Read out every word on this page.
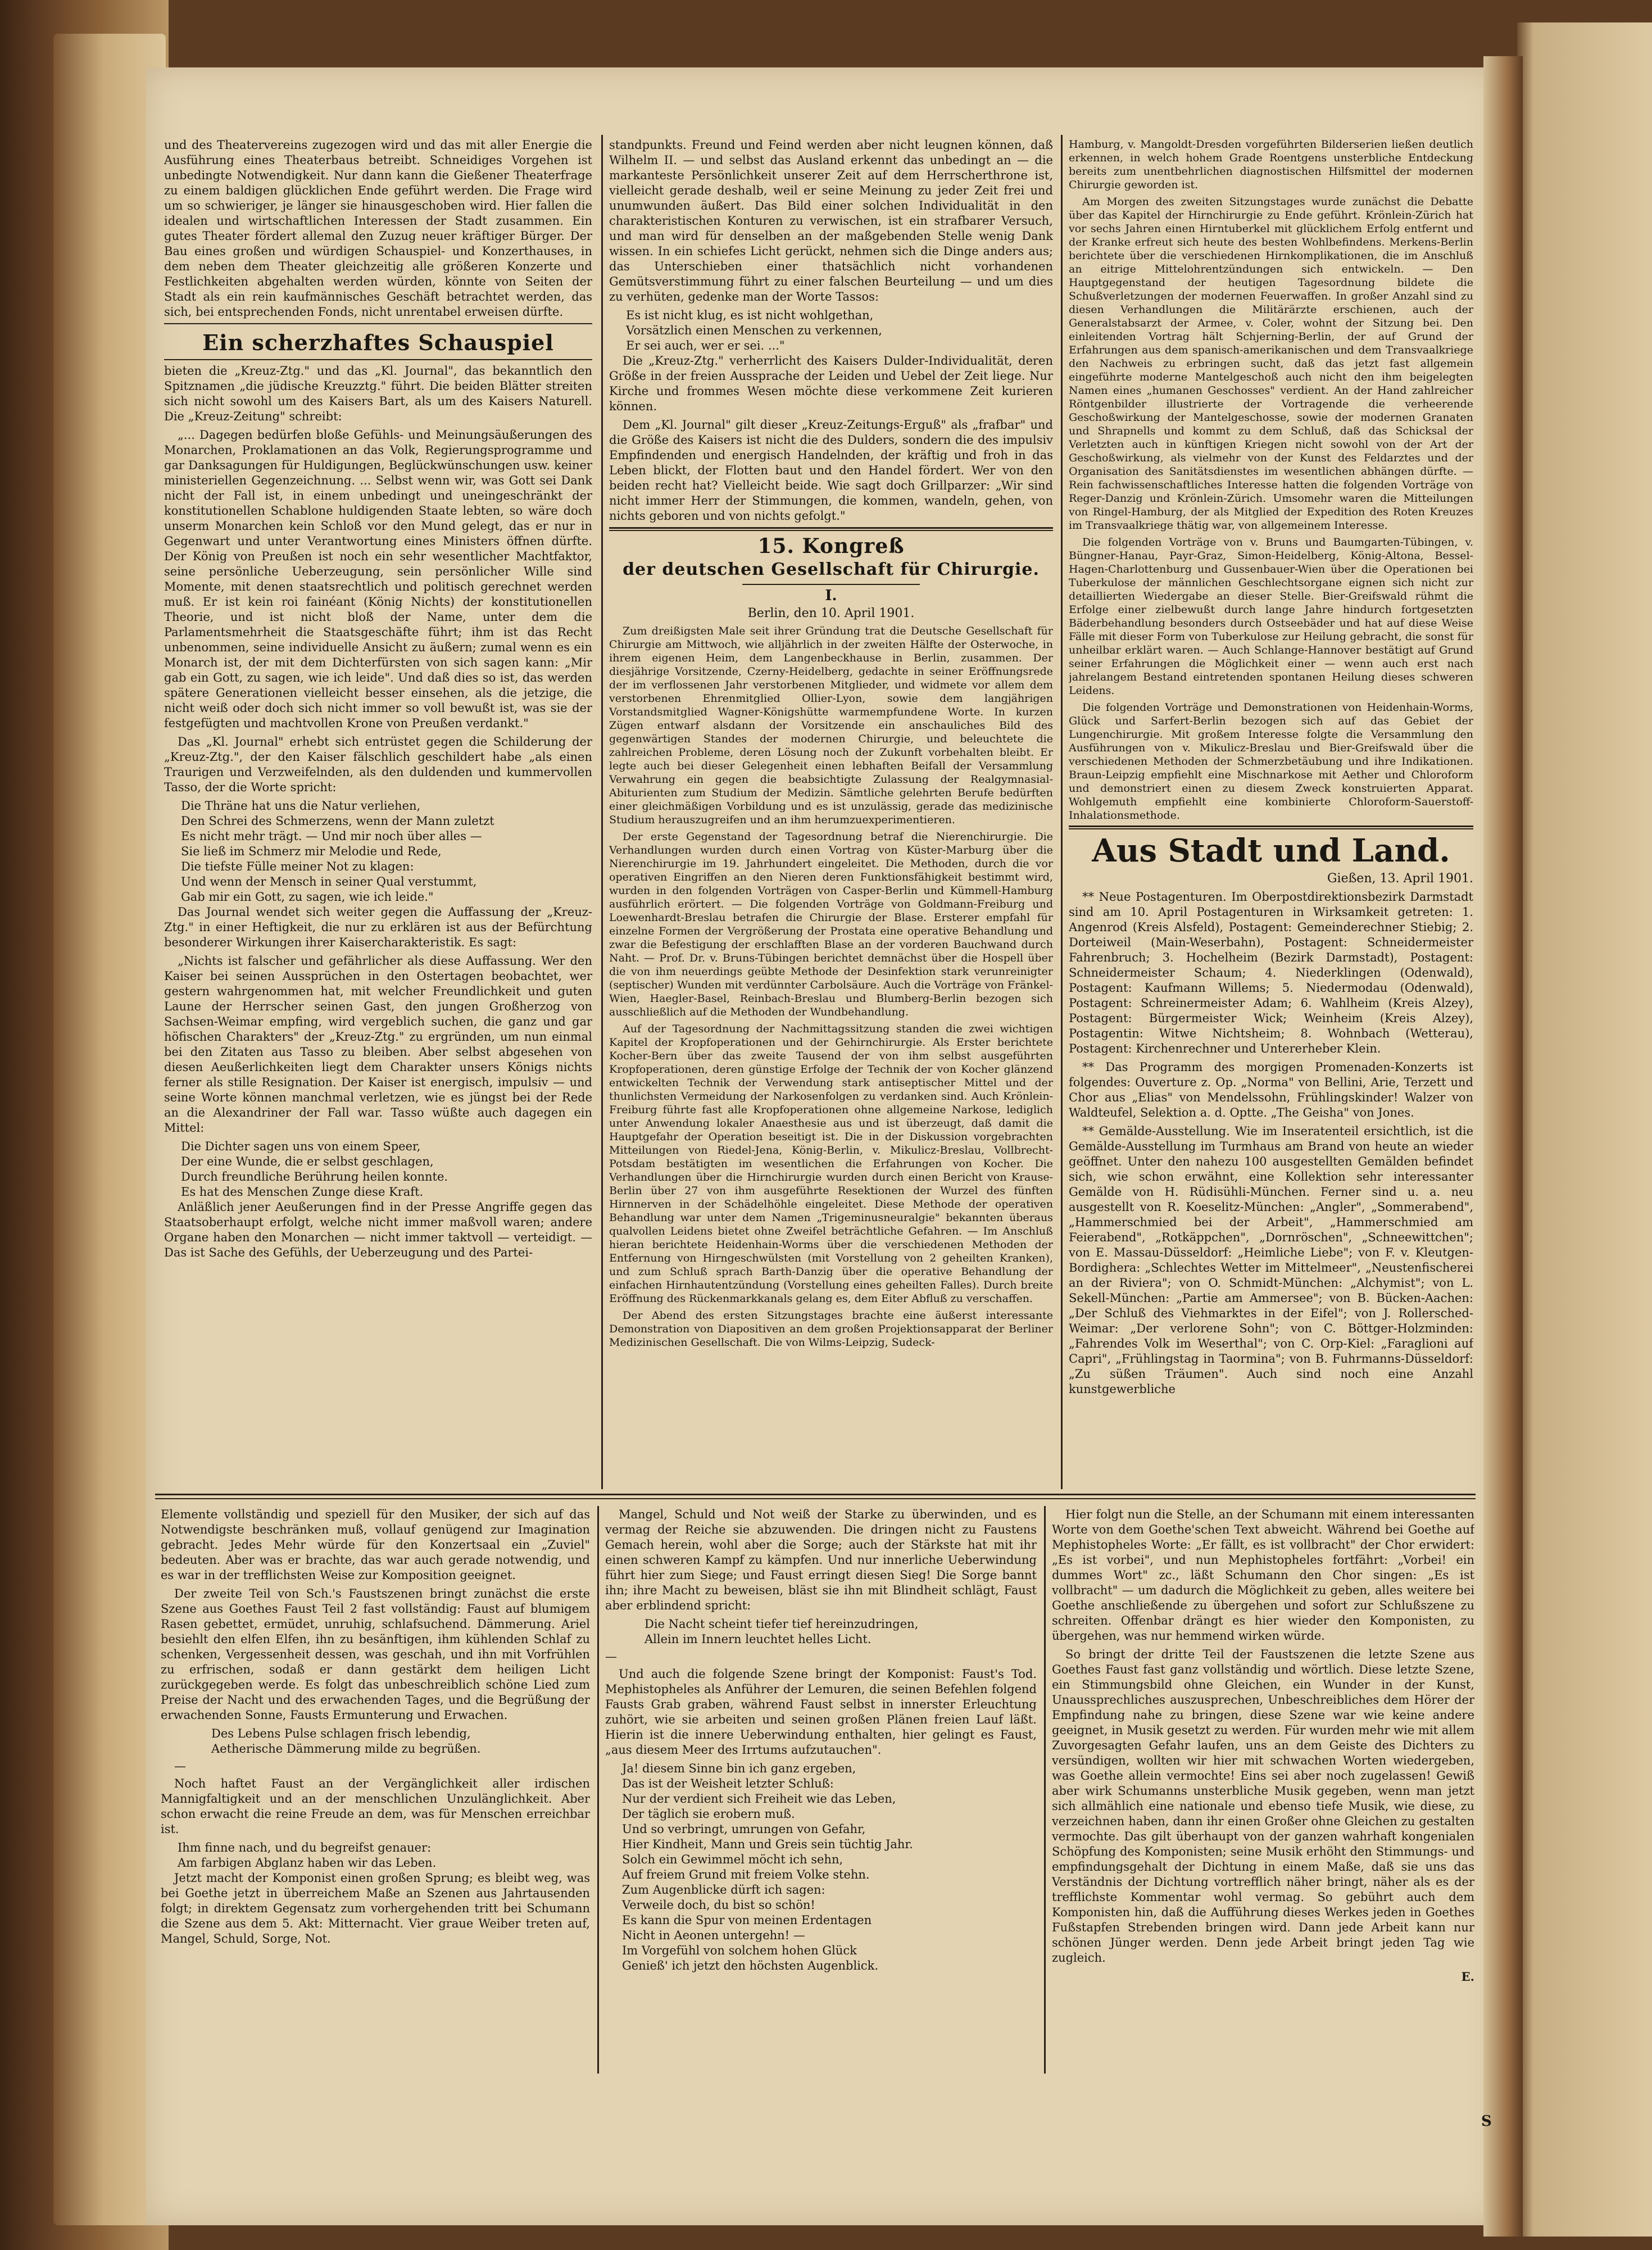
und des Theatervereins zugezogen wird und das mit aller Energie die Ausführung eines Theaterbaus betreibt. Schneidiges Vorgehen ist unbedingte Notwendigkeit. Nur dann kann die Gießener Theaterfrage zu einem baldigen glücklichen Ende geführt werden. Die Frage wird um so schwieriger, je länger sie hinausgeschoben wird. Hier fallen die idealen und wirtschaftlichen Interessen der Stadt zusammen. Ein gutes Theater fördert allemal den Zuzug neuer kräftiger Bürger. Der Bau eines großen und würdigen Schauspiel- und Konzerthauses, in dem neben dem Theater gleichzeitig alle größeren Konzerte und Festlichkeiten abgehalten werden würden, könnte von Seiten der Stadt als ein rein kaufmännisches Geschäft betrachtet werden, das sich, bei entsprechenden Fonds, nicht unrentabel erweisen dürfte.

Ein scherzhaftes Schauspiel

bieten die „Kreuz-Ztg." und das „Kl. Journal", das bekanntlich den Spitznamen „die jüdische Kreuzztg." führt. Die beiden Blätter streiten sich nicht sowohl um des Kaisers Bart, als um des Kaisers Naturell. Die „Kreuz-Zeitung" schreibt:

„... Dagegen bedürfen bloße Gefühls- und Meinungsäußerungen des Monarchen, Proklamationen an das Volk, Regierungsprogramme und gar Danksagungen für Huldigungen, Beglückwünschungen usw. keiner ministeriellen Gegenzeichnung. ... Selbst wenn wir, was Gott sei Dank nicht der Fall ist, in einem unbedingt und uneingeschränkt der konstitutionellen Schablone huldigenden Staate lebten, so wäre doch unserm Monarchen kein Schloß vor den Mund gelegt, das er nur in Gegenwart und unter Verantwortung eines Ministers öffnen dürfte. Der König von Preußen ist noch ein sehr wesentlicher Machtfaktor, seine persönliche Ueberzeugung, sein persönlicher Wille sind Momente, mit denen staatsrechtlich und politisch gerechnet werden muß. Er ist kein roi fainéant (König Nichts) der konstitutionellen Theorie, und ist nicht bloß der Name, unter dem die Parlamentsmehrheit die Staatsgeschäfte führt; ihm ist das Recht unbenommen, seine individuelle Ansicht zu äußern; zumal wenn es ein Monarch ist, der mit dem Dichterfürsten von sich sagen kann: „Mir gab ein Gott, zu sagen, wie ich leide". Und daß dies so ist, das werden spätere Generationen vielleicht besser einsehen, als die jetzige, die nicht weiß oder doch sich nicht immer so voll bewußt ist, was sie der festgefügten und machtvollen Krone von Preußen verdankt."

Das „Kl. Journal" erhebt sich entrüstet gegen die Schilderung der „Kreuz-Ztg.", der den Kaiser fälschlich geschildert habe „als einen Traurigen und Verzweifelnden, als den duldenden und kummervollen Tasso, der die Worte spricht:

Die Thräne hat uns die Natur verliehen,
Den Schrei des Schmerzens, wenn der Mann zuletzt
Es nicht mehr trägt. — Und mir noch über alles —
Sie ließ im Schmerz mir Melodie und Rede,
Die tiefste Fülle meiner Not zu klagen:
Und wenn der Mensch in seiner Qual verstummt,
Gab mir ein Gott, zu sagen, wie ich leide."

Das Journal wendet sich weiter gegen die Auffassung der „Kreuz-Ztg." in einer Heftigkeit, die nur zu erklären ist aus der Befürchtung besonderer Wirkungen ihrer Kaisercharakteristik. Es sagt:

„Nichts ist falscher und gefährlicher als diese Auffassung. Wer den Kaiser bei seinen Aussprüchen in den Ostertagen beobachtet, wer gestern wahrgenommen hat, mit welcher Freundlichkeit und guten Laune der Herrscher seinen Gast, den jungen Großherzog von Sachsen-Weimar empfing, wird vergeblich suchen, die ganz und gar höfischen Charakters" der „Kreuz-Ztg." zu ergründen, um nun einmal bei den Zitaten aus Tasso zu bleiben. Aber selbst abgesehen von diesen Aeußerlichkeiten liegt dem Charakter unsers Königs nichts ferner als stille Resignation. Der Kaiser ist energisch, impulsiv — und seine Worte können manchmal verletzen, wie es jüngst bei der Rede an die Alexandriner der Fall war. Tasso wüßte auch dagegen ein Mittel:

Die Dichter sagen uns von einem Speer,
Der eine Wunde, die er selbst geschlagen,
Durch freundliche Berührung heilen konnte.
Es hat des Menschen Zunge diese Kraft.

Anläßlich jener Aeußerungen find in der Presse Angriffe gegen das Staatsoberhaupt erfolgt, welche nicht immer maßvoll waren; andere Organe haben den Monarchen — nicht immer taktvoll — verteidigt. — Das ist Sache des Gefühls, der Ueberzeugung und des Partei-

standpunkts. Freund und Feind werden aber nicht leugnen können, daß Wilhelm II. — und selbst das Ausland erkennt das unbedingt an — die markanteste Persönlichkeit unserer Zeit auf dem Herrscherthrone ist, vielleicht gerade deshalb, weil er seine Meinung zu jeder Zeit frei und unumwunden äußert. Das Bild einer solchen Individualität in den charakteristischen Konturen zu verwischen, ist ein strafbarer Versuch, und man wird für denselben an der maßgebenden Stelle wenig Dank wissen. In ein schiefes Licht gerückt, nehmen sich die Dinge anders aus; das Unterschieben einer thatsächlich nicht vorhandenen Gemütsverstimmung führt zu einer falschen Beurteilung — und um dies zu verhüten, gedenke man der Worte Tassos:

Es ist nicht klug, es ist nicht wohlgethan,
Vorsätzlich einen Menschen zu verkennen,
Er sei auch, wer er sei. ..."

Die „Kreuz-Ztg." verherrlicht des Kaisers Dulder-Individualität, deren Größe in der freien Aussprache der Leiden und Uebel der Zeit liege. Nur Kirche und frommes Wesen möchte diese verkommene Zeit kurieren können.

Dem „Kl. Journal" gilt dieser „Kreuz-Zeitungs-Erguß" als „frafbar" und die Größe des Kaisers ist nicht die des Dulders, sondern die des impulsiv Empfindenden und energisch Handelnden, der kräftig und froh in das Leben blickt, der Flotten baut und den Handel fördert. Wer von den beiden recht hat? Vielleicht beide. Wie sagt doch Grillparzer: „Wir sind nicht immer Herr der Stimmungen, die kommen, wandeln, gehen, von nichts geboren und von nichts gefolgt."

15. Kongreß
der deutschen Gesellschaft für Chirurgie.
I.
Berlin, den 10. April 1901.

Zum dreißigsten Male seit ihrer Gründung trat die Deutsche Gesellschaft für Chirurgie am Mittwoch, wie alljährlich in der zweiten Hälfte der Osterwoche, in ihrem eigenen Heim, dem Langenbeckhause in Berlin, zusammen. Der diesjährige Vorsitzende, Czerny-Heidelberg, gedachte in seiner Eröffnungsrede der im verflossenen Jahr verstorbenen Mitglieder, und widmete vor allem dem verstorbenen Ehrenmitglied Ollier-Lyon, sowie dem langjährigen Vorstandsmitglied Wagner-Königshütte warmempfundene Worte. In kurzen Zügen entwarf alsdann der Vorsitzende ein anschauliches Bild des gegenwärtigen Standes der modernen Chirurgie, und beleuchtete die zahlreichen Probleme, deren Lösung noch der Zukunft vorbehalten bleibt. Er legte auch bei dieser Gelegenheit einen lebhaften Beifall der Versammlung Verwahrung ein gegen die beabsichtigte Zulassung der Realgymnasial-Abiturienten zum Studium der Medizin. Sämtliche gelehrten Berufe bedürften einer gleichmäßigen Vorbildung und es ist unzulässig, gerade das medizinische Studium herauszugreifen und an ihm herumzuexperimentieren.

Der erste Gegenstand der Tagesordnung betraf die Nierenchirurgie. Die Verhandlungen wurden durch einen Vortrag von Küster-Marburg über die Nierenchirurgie im 19. Jahrhundert eingeleitet. Die Methoden, durch die vor operativen Eingriffen an den Nieren deren Funktionsfähigkeit bestimmt wird, wurden in den folgenden Vorträgen von Casper-Berlin und Kümmell-Hamburg ausführlich erörtert. — Die folgenden Vorträge von Goldmann-Freiburg und Loewenhardt-Breslau betrafen die Chirurgie der Blase. Ersterer empfahl für einzelne Formen der Vergrößerung der Prostata eine operative Behandlung und zwar die Befestigung der erschlafften Blase an der vorderen Bauchwand durch Naht. — Prof. Dr. v. Bruns-Tübingen berichtet demnächst über die Hospell über die von ihm neuerdings geübte Methode der Desinfektion stark verunreinigter (septischer) Wunden mit verdünnter Carbolsäure. Auch die Vorträge von Fränkel-Wien, Haegler-Basel, Reinbach-Breslau und Blumberg-Berlin bezogen sich ausschließlich auf die Methoden der Wundbehandlung.

Auf der Tagesordnung der Nachmittagssitzung standen die zwei wichtigen Kapitel der Kropfoperationen und der Gehirnchirurgie. Als Erster berichtete Kocher-Bern über das zweite Tausend der von ihm selbst ausgeführten Kropfoperationen, deren günstige Erfolge der Technik der von Kocher glänzend entwickelten Technik der Verwendung stark antiseptischer Mittel und der thunlichsten Vermeidung der Narkosenfolgen zu verdanken sind. Auch Krönlein-Freiburg führte fast alle Kropfoperationen ohne allgemeine Narkose, lediglich unter Anwendung lokaler Anaesthesie aus und ist überzeugt, daß damit die Hauptgefahr der Operation beseitigt ist. Die in der Diskussion vorgebrachten Mitteilungen von Riedel-Jena, König-Berlin, v. Mikulicz-Breslau, Vollbrecht-Potsdam bestätigten im wesentlichen die Erfahrungen von Kocher. Die Verhandlungen über die Hirnchirurgie wurden durch einen Bericht von Krause-Berlin über 27 von ihm ausgeführte Resektionen der Wurzel des fünften Hirnnerven in der Schädelhöhle eingeleitet. Diese Methode der operativen Behandlung war unter dem Namen „Trigeminusneuralgie" bekannten überaus qualvollen Leidens bietet ohne Zweifel beträchtliche Gefahren. — Im Anschluß hieran berichtete Heidenhain-Worms über die verschiedenen Methoden der Entfernung von Hirngeschwülsten (mit Vorstellung von 2 geheilten Kranken), und zum Schluß sprach Barth-Danzig über die operative Behandlung der einfachen Hirnhautentzündung (Vorstellung eines geheilten Falles). Durch breite Eröffnung des Rückenmarkkanals gelang es, dem Eiter Abfluß zu verschaffen.

Der Abend des ersten Sitzungstages brachte eine äußerst interessante Demonstration von Diapositiven an dem großen Projektionsapparat der Berliner Medizinischen Gesellschaft. Die von Wilms-Leipzig, Sudeck-

Hamburg, v. Mangoldt-Dresden vorgeführten Bilderserien ließen deutlich erkennen, in welch hohem Grade Roentgens unsterbliche Entdeckung bereits zum unentbehrlichen diagnostischen Hilfsmittel der modernen Chirurgie geworden ist.

Am Morgen des zweiten Sitzungstages wurde zunächst die Debatte über das Kapitel der Hirnchirurgie zu Ende geführt. Krönlein-Zürich hat vor sechs Jahren einen Hirntuberkel mit glücklichem Erfolg entfernt und der Kranke erfreut sich heute des besten Wohlbefindens. Merkens-Berlin berichtete über die verschiedenen Hirnkomplikationen, die im Anschluß an eitrige Mittelohrentzündungen sich entwickeln. — Den Hauptgegenstand der heutigen Tagesordnung bildete die Schußverletzungen der modernen Feuerwaffen. In großer Anzahl sind zu diesen Verhandlungen die Militärärzte erschienen, auch der Generalstabsarzt der Armee, v. Coler, wohnt der Sitzung bei. Den einleitenden Vortrag hält Schjerning-Berlin, der auf Grund der Erfahrungen aus dem spanisch-amerikanischen und dem Transvaalkriege den Nachweis zu erbringen sucht, daß das jetzt fast allgemein eingeführte moderne Mantelgeschoß auch nicht den ihm beigelegten Namen eines „humanen Geschosses" verdient. An der Hand zahlreicher Röntgenbilder illustrierte der Vortragende die verheerende Geschoßwirkung der Mantelgeschosse, sowie der modernen Granaten und Shrapnells und kommt zu dem Schluß, daß das Schicksal der Verletzten auch in künftigen Kriegen nicht sowohl von der Art der Geschoßwirkung, als vielmehr von der Kunst des Feldarztes und der Organisation des Sanitätsdienstes im wesentlichen abhängen dürfte. — Rein fachwissenschaftliches Interesse hatten die folgenden Vorträge von Reger-Danzig und Krönlein-Zürich. Umsomehr waren die Mitteilungen von Ringel-Hamburg, der als Mitglied der Expedition des Roten Kreuzes im Transvaalkriege thätig war, von allgemeinem Interesse.

Die folgenden Vorträge von v. Bruns und Baumgarten-Tübingen, v. Büngner-Hanau, Payr-Graz, Simon-Heidelberg, König-Altona, Bessel-Hagen-Charlottenburg und Gussenbauer-Wien über die Operationen bei Tuberkulose der männlichen Geschlechtsorgane eignen sich nicht zur detaillierten Wiedergabe an dieser Stelle. Bier-Greifswald rühmt die Erfolge einer zielbewußt durch lange Jahre hindurch fortgesetzten Bäderbehandlung besonders durch Ostseebäder und hat auf diese Weise Fälle mit dieser Form von Tuberkulose zur Heilung gebracht, die sonst für unheilbar erklärt waren. — Auch Schlange-Hannover bestätigt auf Grund seiner Erfahrungen die Möglichkeit einer — wenn auch erst nach jahrelangem Bestand eintretenden spontanen Heilung dieses schweren Leidens.

Die folgenden Vorträge und Demonstrationen von Heidenhain-Worms, Glück und Sarfert-Berlin bezogen sich auf das Gebiet der Lungenchirurgie. Mit großem Interesse folgte die Versammlung den Ausführungen von v. Mikulicz-Breslau und Bier-Greifswald über die verschiedenen Methoden der Schmerzbetäubung und ihre Indikationen. Braun-Leipzig empfiehlt eine Mischnarkose mit Aether und Chloroform und demonstriert einen zu diesem Zweck konstruierten Apparat. Wohlgemuth empfiehlt eine kombinierte Chloroform-Sauerstoff-Inhalationsmethode.

Aus Stadt und Land.
Gießen, 13. April 1901.

** Neue Postagenturen. Im Oberpostdirektionsbezirk Darmstadt sind am 10. April Postagenturen in Wirksamkeit getreten: 1. Angenrod (Kreis Alsfeld), Postagent: Gemeinderechner Stiebig; 2. Dorteiweil (Main-Weserbahn), Postagent: Schneidermeister Fahrenbruch; 3. Hochelheim (Bezirk Darmstadt), Postagent: Schneidermeister Schaum; 4. Niederklingen (Odenwald), Postagent: Kaufmann Willems; 5. Niedermodau (Odenwald), Postagent: Schreinermeister Adam; 6. Wahlheim (Kreis Alzey), Postagent: Bürgermeister Wick; Weinheim (Kreis Alzey), Postagentin: Witwe Nichtsheim; 8. Wohnbach (Wetterau), Postagent: Kirchenrechner und Untererheber Klein.

** Das Programm des morgigen Promenaden-Konzerts ist folgendes: Ouverture z. Op. „Norma" von Bellini, Arie, Terzett und Chor aus „Elias" von Mendelssohn, Frühlingskinder! Walzer von Waldteufel, Selektion a. d. Optte. „The Geisha" von Jones.

** Gemälde-Ausstellung. Wie im Inseratenteil ersichtlich, ist die Gemälde-Ausstellung im Turmhaus am Brand von heute an wieder geöffnet. Unter den nahezu 100 ausgestellten Gemälden befindet sich, wie schon erwähnt, eine Kollektion sehr interessanter Gemälde von H. Rüdisühli-München. Ferner sind u. a. neu ausgestellt von R. Koeselitz-München: „Angler", „Sommerabend", „Hammerschmied bei der Arbeit", „Hammerschmied am Feierabend", „Rotkäppchen", „Dornröschen", „Schneewittchen"; von E. Massau-Düsseldorf: „Heimliche Liebe"; von F. v. Kleutgen-Bordighera: „Schlechtes Wetter im Mittelmeer", „Neustenfischerei an der Riviera"; von O. Schmidt-München: „Alchymist"; von L. Sekell-München: „Partie am Ammersee"; von B. Bücken-Aachen: „Der Schluß des Viehmarktes in der Eifel"; von J. Rollersched-Weimar: „Der verlorene Sohn"; von C. Böttger-Holzminden: „Fahrendes Volk im Weserthal"; von C. Orp-Kiel: „Faraglioni auf Capri", „Frühlingstag in Taormina"; von B. Fuhrmanns-Düsseldorf: „Zu süßen Träumen". Auch sind noch eine Anzahl kunstgewerbliche

Elemente vollständig und speziell für den Musiker, der sich auf das Notwendigste beschränken muß, vollauf genügend zur Imagination gebracht. Jedes Mehr würde für den Konzertsaal ein „Zuviel" bedeuten. Aber was er brachte, das war auch gerade notwendig, und es war in der trefflichsten Weise zur Komposition geeignet.

Der zweite Teil von Sch.'s Faustszenen bringt zunächst die erste Szene aus Goethes Faust Teil 2 fast vollständig: Faust auf blumigem Rasen gebettet, ermüdet, unruhig, schlafsuchend. Dämmerung. Ariel besiehlt den elfen Elfen, ihn zu besänftigen, ihm kühlenden Schlaf zu schenken, Vergessenheit dessen, was geschah, und ihn mit Vorfrühlen zu erfrischen, sodaß er dann gestärkt dem heiligen Licht zurückgegeben werde. Es folgt das unbeschreiblich schöne Lied zum Preise der Nacht und des erwachenden Tages, und die Begrüßung der erwachenden Sonne, Fausts Ermunterung und Erwachen.

Des Lebens Pulse schlagen frisch lebendig,
Aetherische Dämmerung milde zu begrüßen.
—

Noch haftet Faust an der Vergänglichkeit aller irdischen Mannigfaltigkeit und an der menschlichen Unzulänglichkeit. Aber schon erwacht die reine Freude an dem, was für Menschen erreichbar ist.

Ihm finne nach, und du begreifst genauer:
Am farbigen Abglanz haben wir das Leben.

Jetzt macht der Komponist einen großen Sprung; es bleibt weg, was bei Goethe jetzt in überreichem Maße an Szenen aus Jahrtausenden folgt; in direktem Gegensatz zum vorhergehenden tritt bei Schumann die Szene aus dem 5. Akt: Mitternacht. Vier graue Weiber treten auf, Mangel, Schuld, Sorge, Not.

Mangel, Schuld und Not weiß der Starke zu überwinden, und es vermag der Reiche sie abzuwenden. Die dringen nicht zu Faustens Gemach herein, wohl aber die Sorge; auch der Stärkste hat mit ihr einen schweren Kampf zu kämpfen. Und nur innerliche Ueberwindung führt hier zum Siege; und Faust erringt diesen Sieg! Die Sorge bannt ihn; ihre Macht zu beweisen, bläst sie ihn mit Blindheit schlägt, Faust aber erblindend spricht:

Die Nacht scheint tiefer tief hereinzudringen,
Allein im Innern leuchtet helles Licht.
—

Und auch die folgende Szene bringt der Komponist: Faust's Tod. Mephistopheles als Anführer der Lemuren, die seinen Befehlen folgend Fausts Grab graben, während Faust selbst in innerster Erleuchtung zuhört, wie sie arbeiten und seinen großen Plänen freien Lauf läßt. Hierin ist die innere Ueberwindung enthalten, hier gelingt es Faust, „aus diesem Meer des Irrtums aufzutauchen".

Ja! diesem Sinne bin ich ganz ergeben,
Das ist der Weisheit letzter Schluß:
Nur der verdient sich Freiheit wie das Leben,
Der täglich sie erobern muß.
Und so verbringt, umrungen von Gefahr,
Hier Kindheit, Mann und Greis sein tüchtig Jahr.
Solch ein Gewimmel möcht ich sehn,
Auf freiem Grund mit freiem Volke stehn.
Zum Augenblicke dürft ich sagen:
Verweile doch, du bist so schön!
Es kann die Spur von meinen Erdentagen
Nicht in Aeonen untergehn! —
Im Vorgefühl von solchem hohen Glück
Genieß' ich jetzt den höchsten Augenblick.

Hier folgt nun die Stelle, an der Schumann mit einem interessanten Worte von dem Goethe'schen Text abweicht. Während bei Goethe auf Mephistopheles Worte: „Er fällt, es ist vollbracht" der Chor erwidert: „Es ist vorbei", und nun Mephistopheles fortfährt: „Vorbei! ein dummes Wort" zc., läßt Schumann den Chor singen: „Es ist vollbracht" — um dadurch die Möglichkeit zu geben, alles weitere bei Goethe anschließende zu übergehen und sofort zur Schlußszene zu schreiten. Offenbar drängt es hier wieder den Komponisten, zu übergehen, was nur hemmend wirken würde.

So bringt der dritte Teil der Faustszenen die letzte Szene aus Goethes Faust fast ganz vollständig und wörtlich. Diese letzte Szene, ein Stimmungsbild ohne Gleichen, ein Wunder in der Kunst, Unaussprechliches auszusprechen, Unbeschreibliches dem Hörer der Empfindung nahe zu bringen, diese Szene war wie keine andere geeignet, in Musik gesetzt zu werden. Für wurden mehr wie mit allem Zuvorgesagten Gefahr laufen, uns an dem Geiste des Dichters zu versündigen, wollten wir hier mit schwachen Worten wiedergeben, was Goethe allein vermochte! Eins sei aber noch zugelassen! Gewiß aber wirk Schumanns unsterbliche Musik gegeben, wenn man jetzt sich allmählich eine nationale und ebenso tiefe Musik, wie diese, zu verzeichnen haben, dann ihr einen Großer ohne Gleichen zu gestalten vermochte. Das gilt überhaupt von der ganzen wahrhaft kongenialen Schöpfung des Komponisten; seine Musik erhöht den Stimmungs- und empfindungsgehalt der Dichtung in einem Maße, daß sie uns das Verständnis der Dichtung vortrefflich näher bringt, näher als es der trefflichste Kommentar wohl vermag. So gebührt auch dem Komponisten hin, daß die Aufführung dieses Werkes jeden in Goethes Fußstapfen Strebenden bringen wird. Dann jede Arbeit kann nur schönen Jünger werden. Denn jede Arbeit bringt jeden Tag wie zugleich.

E.
S
